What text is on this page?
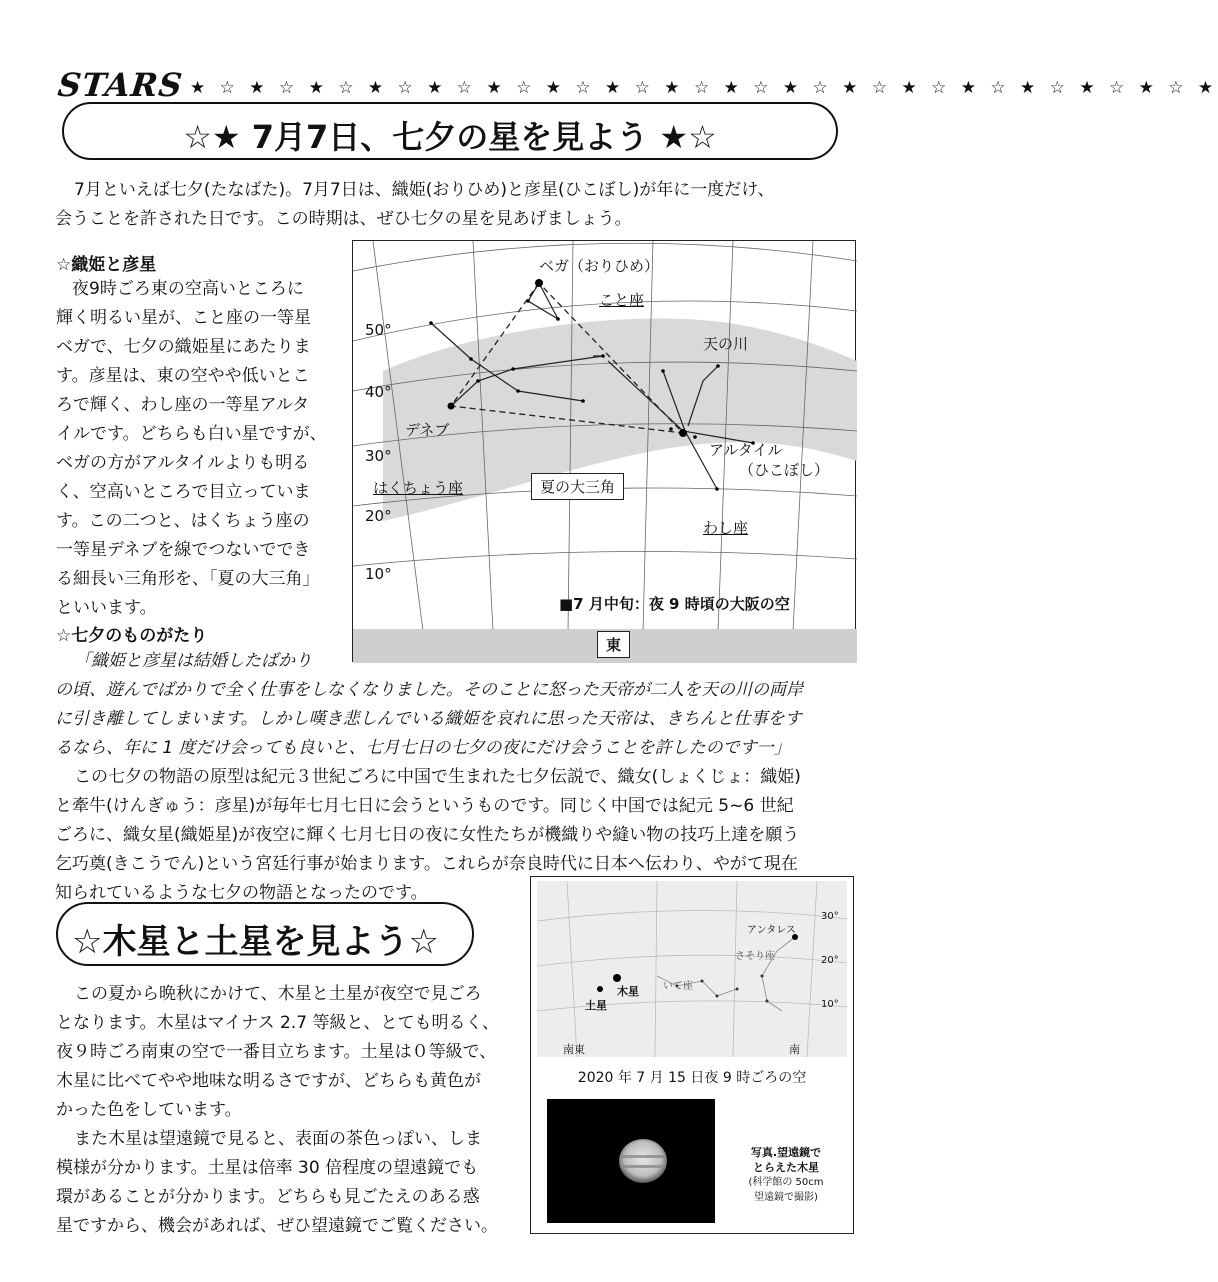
STARS ★ ☆ ★ ☆ ★ ☆ ★ ☆ ★ ☆ ★ ☆ ★ ☆ ★ ☆ ★ ☆ ★ ☆ ★ ☆ ★ ☆ ★ ☆ ★ ☆ ★ ☆ ★ ☆ ★ ☆ ★
☆★ 7月7日、七夕の星を見よう ★☆
7月といえば七夕(たなばた)。7月7日は、織姫(おりひめ)と彦星(ひこぼし)が年に一度だけ、
会うことを許された日です。この時期は、ぜひ七夕の星を見あげましょう。
☆織姫と彦星
夜9時ごろ東の空高いところに
輝く明るい星が、こと座の一等星
ベガで、七夕の織姫星にあたりま
す。彦星は、東の空やや低いとこ
ろで輝く、わし座の一等星アルタ
イルです。どちらも白い星ですが、
ベガの方がアルタイルよりも明る
く、空高いところで目立っていま
す。この二つと、はくちょう座の
一等星デネブを線でつないででき
る細長い三角形を、「夏の大三角」
といいます。
ベガ（おりひめ）
こと座
天の川
デネブ
アルタイル
（ひこぼし）
はくちょう座	夏の大三角
わし座
50°
40°
30°
20°
10°
■7 月中旬：夜 9 時頃の大阪の空
東
☆七夕のものがたり
「織姫と彦星は結婚したばかり
の頃、遊んでばかりで全く仕事をしなくなりました。そのことに怒った天帝が二人を天の川の両岸
に引き離してしまいます。しかし嘆き悲しんでいる織姫を哀れに思った天帝は、きちんと仕事をす
るなら、年に 1 度だけ会っても良いと、七月七日の七夕の夜にだけ会うことを許したのです一」
この七夕の物語の原型は紀元３世紀ごろに中国で生まれた七夕伝説で、織女(しょくじょ：織姫)
と牽牛(けんぎゅう：彦星)が毎年七月七日に会うというものです。同じく中国では紀元 5~6 世紀
ごろに、織女星(織姫星)が夜空に輝く七月七日の夜に女性たちが機織りや縫い物の技巧上達を願う
乞巧奠(きこうでん)という宮廷行事が始まります。これらが奈良時代に日本へ伝わり、やがて現在
知られているような七夕の物語となったのです。
☆木星と土星を見よう☆
この夏から晩秋にかけて、木星と土星が夜空で見ごろ
となります。木星はマイナス 2.7 等級と、とても明るく、
夜９時ごろ南東の空で一番目立ちます。土星は０等級で、
木星に比べてやや地味な明るさですが、どちらも黄色が
かった色をしています。
また木星は望遠鏡で見ると、表面の茶色っぽい、しま
模様が分かります。土星は倍率 30 倍程度の望遠鏡でも
環があることが分かります。どちらも見ごたえのある惑
星ですから、機会があれば、ぜひ望遠鏡でご覧ください。
アンタレス
さそり座
いて座
木星
土星
30°
20°
10°
南東	南
2020 年 7 月 15 日夜 9 時ごろの空
写真.望遠鏡で
とらえた木星
(科学館の 50cm
望遠鏡で撮影)
